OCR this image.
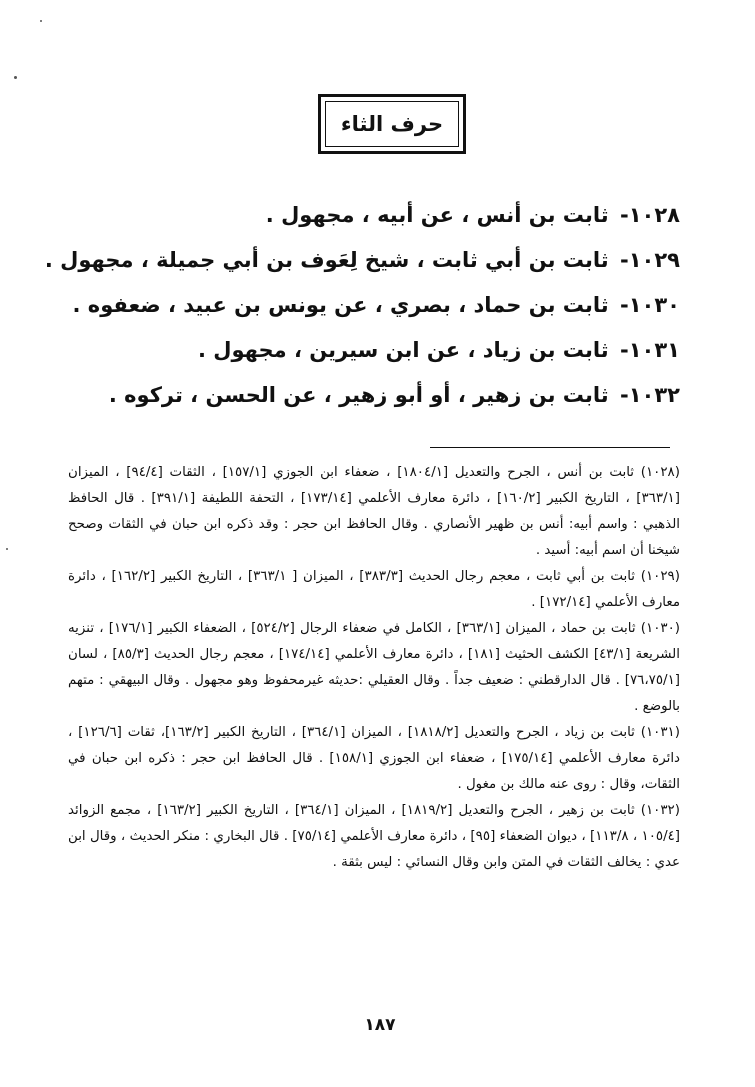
حرف الثاء
١٠٢٨- ثابت بن أنس ، عن أبيه ، مجهول .
١٠٢٩- ثابت بن أبي ثابت ، شيخ لِعَوف بن أبي جميلة ، مجهول .
١٠٣٠- ثابت بن حماد ، بصري ، عن يونس بن عبيد ، ضعفوه .
١٠٣١- ثابت بن زياد ، عن ابن سيرين ، مجهول .
١٠٣٢- ثابت بن زهير ، أو أبو زهير ، عن الحسن ، تركوه .

(١٠٢٨) ثابت بن أنس ، الجرح والتعديل [١٨٠٤/١] ، ضعفاء ابن الجوزي [١٥٧/١] ، الثقات [٩٤/٤] ، الميزان [٣٦٣/١] ، التاريخ الكبير [١٦٠/٢] ، دائرة معارف الأعلمي [١٧٣/١٤] ، التحفة اللطيفة [٣٩١/١] . قال الحافظ الذهبي : واسم أبيه: أنس بن ظهير الأنصاري . وقال الحافظ ابن حجر : وقد ذكره ابن حبان في الثقات وصحح شيخنا أن اسم أبيه: أسيد .

(١٠٢٩) ثابت بن أبي ثابت ، معجم رجال الحديث [٣٨٣/٣] ، الميزان [ ٣٦٣/١] ، التاريخ الكبير [١٦٢/٢] ، دائرة معارف الأعلمي [١٧٢/١٤] .

(١٠٣٠) ثابت بن حماد ، الميزان [٣٦٣/١] ، الكامل في ضعفاء الرجال [٥٢٤/٢] ، الضعفاء الكبير [١٧٦/١] ، تنزيه الشريعة [٤٣/١] الكشف الحثيث [١٨١] ، دائرة معارف الأعلمي [١٧٤/١٤] ، معجم رجال الحديث [٨٥/٣] ، لسان [٧٦،٧٥/١] . قال الدارقطني : ضعيف جداً . وقال العقيلي :حديثه غيرمحفوظ وهو مجهول . وقال البيهقي : متهم بالوضع .

(١٠٣١) ثابت بن زياد ، الجرح والتعديل [١٨١٨/٢] ، الميزان [٣٦٤/١] ، التاريخ الكبير [١٦٣/٢]، ثقات [١٢٦/٦] ، دائرة معارف الأعلمي [١٧٥/١٤] ، ضعفاء ابن الجوزي [١٥٨/١] . قال الحافظ ابن حجر : ذكره ابن حبان في الثقات، وقال : روى عنه مالك بن مغول .

(١٠٣٢) ثابت بن زهير ، الجرح والتعديل [١٨١٩/٢] ، الميزان [٣٦٤/١] ، التاريخ الكبير [١٦٣/٢] ، مجمع الزوائد [١٠٥/٤ ، ١١٣/٨] ، ديوان الضعفاء [٩٥] ، دائرة معارف الأعلمي [٧٥/١٤] . قال البخاري : منكر الحديث ، وقال ابن عدي : يخالف الثقات في المتن وابن وقال النسائي : ليس بثقة .

١٨٧
